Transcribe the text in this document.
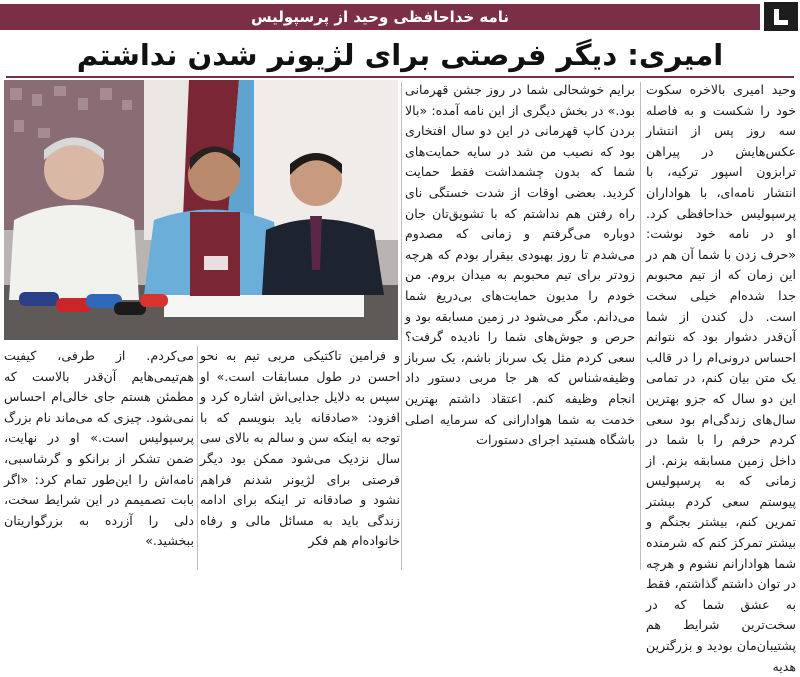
نامه خداحافظی وحید از پرسپولیس
امیری: دیگر فرصتی برای لژیونر شدن نداشتم

وحید امیری بالاخره سکوت خود را شکست و به فاصله سه روز پس از انتشار عکس‌هایش در پیراهن ترابزون اسپور ترکیه، با انتشار نامه‌ای، با هواداران پرسپولیس خداحافظی کرد. او در نامه خود نوشت: «حرف زدن با شما آن هم در این زمان که از تیم محبوبم جدا شده‌ام خیلی سخت است. دل کندن از شما آن‌قدر دشوار بود که نتوانم احساس درونی‌ام را در قالب یک متن بیان کنم، در تمامی این دو سال که جزو بهترین سال‌های زندگی‌ام بود سعی کردم حرفم را با شما در داخل زمین مسابقه بزنم. از زمانی که به پرسپولیس پیوستم سعی کردم بیشتر تمرین کنم، بیشتر بجنگم و بیشتر تمرکز کنم که شرمنده شما هوادارانم نشوم و هرچه در توان داشتم گذاشتم، فقط به عشق شما که در سخت‌ترین شرایط هم پشتیبان‌مان بودید و بزرگترین هدیه

برایم خوشحالی شما در روز جشن قهرمانی بود.» در بخش دیگری از این نامه آمده: «بالا بردن کاپ قهرمانی در این دو سال افتخاری بود که نصیب من شد در سایه حمایت‌های شما که بدون چشمداشت فقط حمایت کردید. بعضی اوقات از شدت خستگی نای راه رفتن هم نداشتم که با تشویق‌تان جان دوباره می‌گرفتم و زمانی که مصدوم می‌شدم تا روز بهبودی بیقرار بودم که هرچه زودتر برای تیم محبوبم به میدان بروم. من خودم را مدیون حمایت‌های بی‌دریغ شما می‌دانم. مگر می‌شود در زمین مسابقه بود و حرص و جوش‌های شما را نادیده گرفت؟ سعی کردم مثل یک سرباز باشم، یک سرباز وظیفه‌شناس که هر جا مربی دستور داد انجام وظیفه کنم. اعتقاد داشتم بهترین خدمت به شما هوادارانی که سرمایه اصلی باشگاه هستید اجرای دستورات

و فرامین تاکتیکی مربی تیم به نحو احسن در طول مسابقات است.» او سپس به دلایل جدایی‌اش اشاره کرد و افزود: «صادقانه باید بنویسم که با توجه به اینکه سن و سالم به بالای سی سال نزدیک می‌شود ممکن بود دیگر فرصتی برای لژیونر شدنم فراهم نشود و صادقانه تر اینکه برای ادامه زندگی باید به مسائل مالی و رفاه خانواده‌ام هم فکر

می‌کردم. از طرفی، کیفیت هم‌تیمی‌هایم آن‌قدر بالاست که مطمئن هستم جای خالی‌ام احساس نمی‌شود. چیزی که می‌ماند نام بزرگ پرسپولیس است.» او در نهایت، ضمن تشکر از برانکو و گرشاسبی، نامه‌اش را این‌طور تمام کرد: «اگر بابت تصمیمم در این شرایط سخت، دلی را آزرده به بزرگواریتان ببخشید.»
